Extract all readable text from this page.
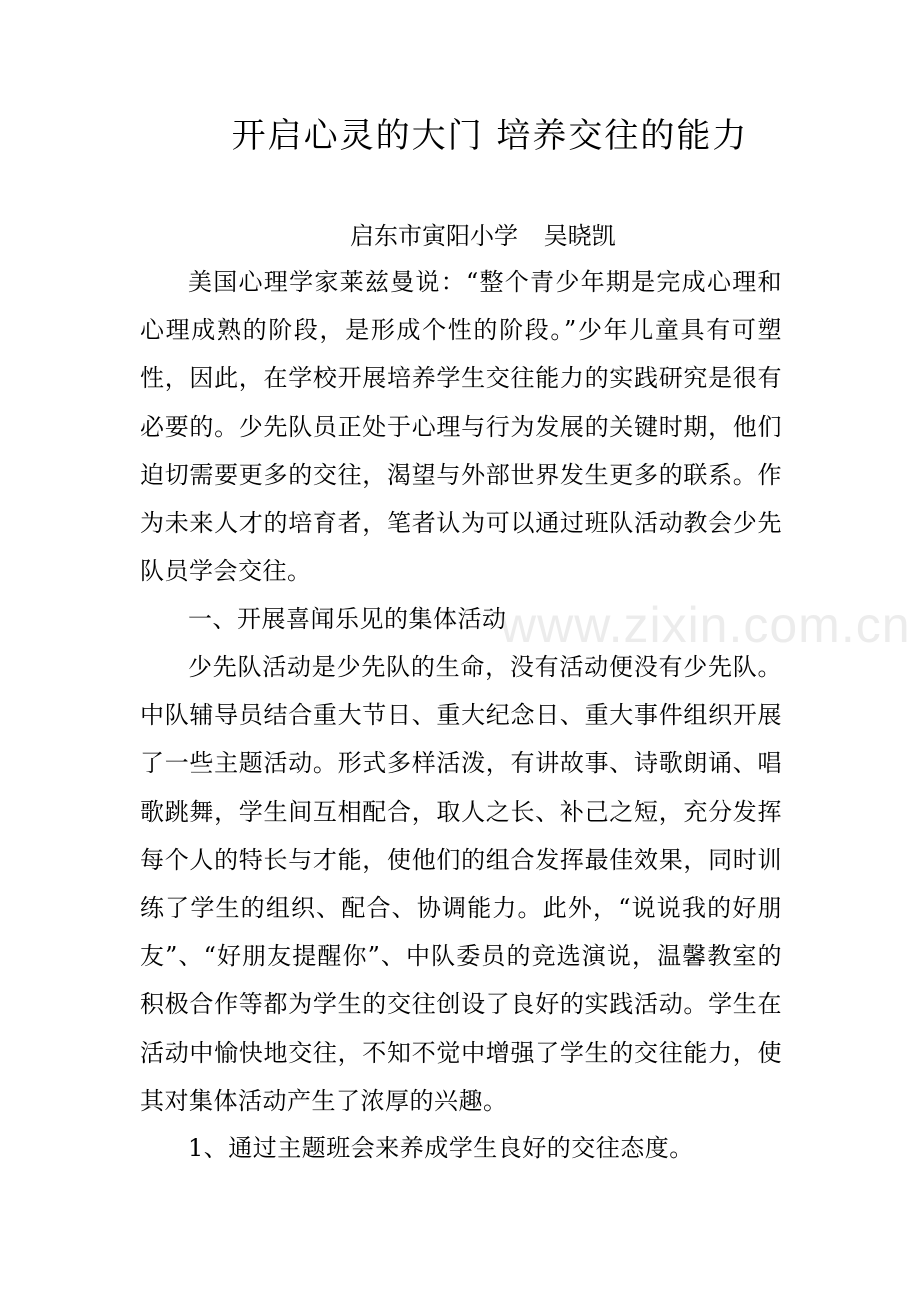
开启心灵的大门 培养交往的能力
启东市寅阳小学 吴晓凯
美国心理学家莱兹曼说：“整个青少年期是完成心理和心理成熟的阶段，是形成个性的阶段。”少年儿童具有可塑性，因此，在学校开展培养学生交往能力的实践研究是很有必要的。少先队员正处于心理与行为发展的关键时期，他们迫切需要更多的交往，渴望与外部世界发生更多的联系。作为未来人才的培育者，笔者认为可以通过班队活动教会少先队员学会交往。
一、开展喜闻乐见的集体活动
少先队活动是少先队的生命，没有活动便没有少先队。中队辅导员结合重大节日、重大纪念日、重大事件组织开展了一些主题活动。形式多样活泼，有讲故事、诗歌朗诵、唱歌跳舞，学生间互相配合，取人之长、补己之短，充分发挥每个人的特长与才能，使他们的组合发挥最佳效果，同时训练了学生的组织、配合、协调能力。此外，“说说我的好朋友”、“好朋友提醒你”、中队委员的竞选演说，温馨教室的积极合作等都为学生的交往创设了良好的实践活动。学生在活动中愉快地交往，不知不觉中增强了学生的交往能力，使其对集体活动产生了浓厚的兴趣。
1、通过主题班会来养成学生良好的交往态度。
www.zixin.com.cn
